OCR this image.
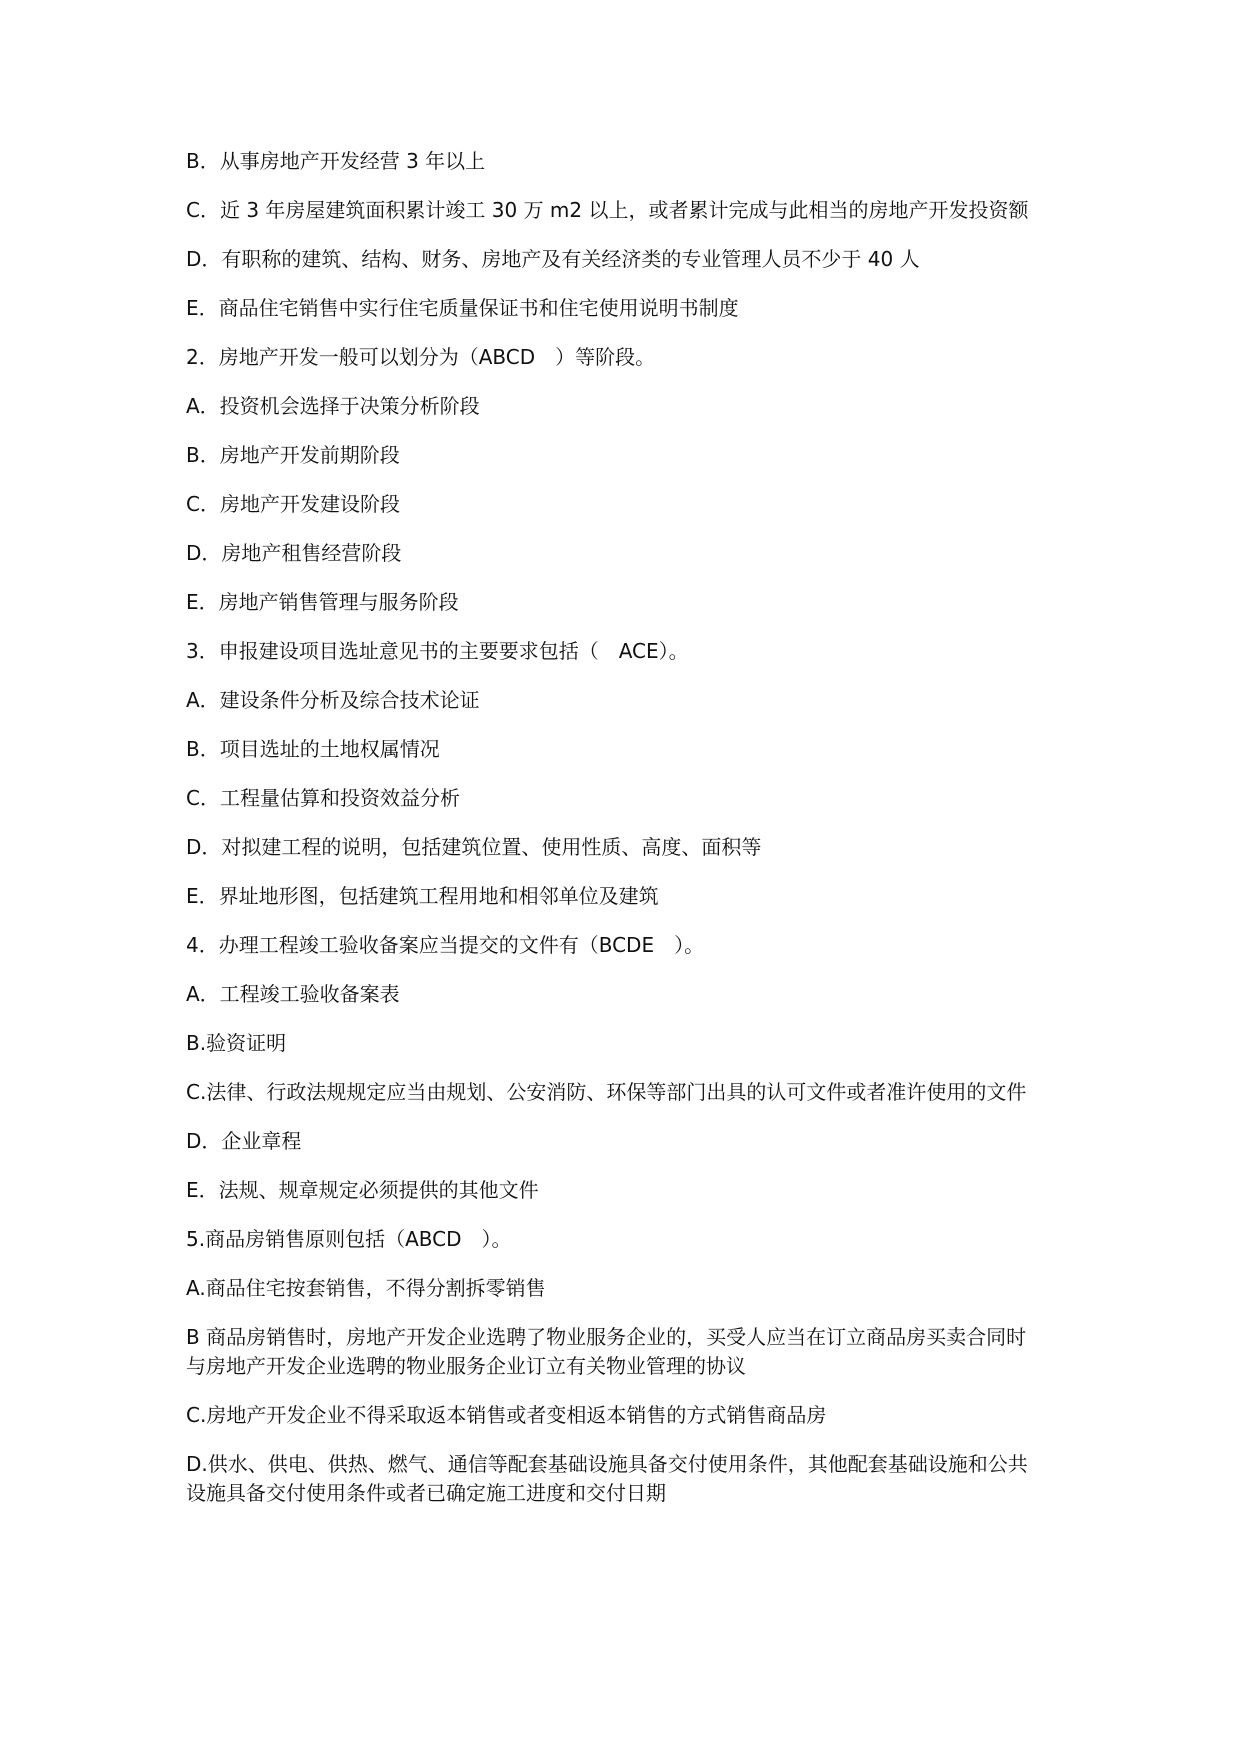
B．从事房地产开发经营 3 年以上

C．近 3 年房屋建筑面积累计竣工 30 万 m2 以上，或者累计完成与此相当的房地产开发投资额

D．有职称的建筑、结构、财务、房地产及有关经济类的专业管理人员不少于 40 人

E．商品住宅销售中实行住宅质量保证书和住宅使用说明书制度

2．房地产开发一般可以划分为（ABCD　）等阶段。

A．投资机会选择于决策分析阶段

B．房地产开发前期阶段

C．房地产开发建设阶段

D．房地产租售经营阶段

E．房地产销售管理与服务阶段

3．申报建设项目选址意见书的主要要求包括（　ACE）。

A．建设条件分析及综合技术论证

B．项目选址的土地权属情况

C．工程量估算和投资效益分析

D．对拟建工程的说明，包括建筑位置、使用性质、高度、面积等

E．界址地形图，包括建筑工程用地和相邻单位及建筑

4．办理工程竣工验收备案应当提交的文件有（BCDE　）。

A．工程竣工验收备案表

B.验资证明

C.法律、行政法规规定应当由规划、公安消防、环保等部门出具的认可文件或者准许使用的文件

D．企业章程

E．法规、规章规定必须提供的其他文件

5.商品房销售原则包括（ABCD　）。

A.商品住宅按套销售，不得分割拆零销售

B 商品房销售时，房地产开发企业选聘了物业服务企业的，买受人应当在订立商品房买卖合同时与房地产开发企业选聘的物业服务企业订立有关物业管理的协议

C.房地产开发企业不得采取返本销售或者变相返本销售的方式销售商品房

D.供水、供电、供热、燃气、通信等配套基础设施具备交付使用条件，其他配套基础设施和公共设施具备交付使用条件或者已确定施工进度和交付日期
